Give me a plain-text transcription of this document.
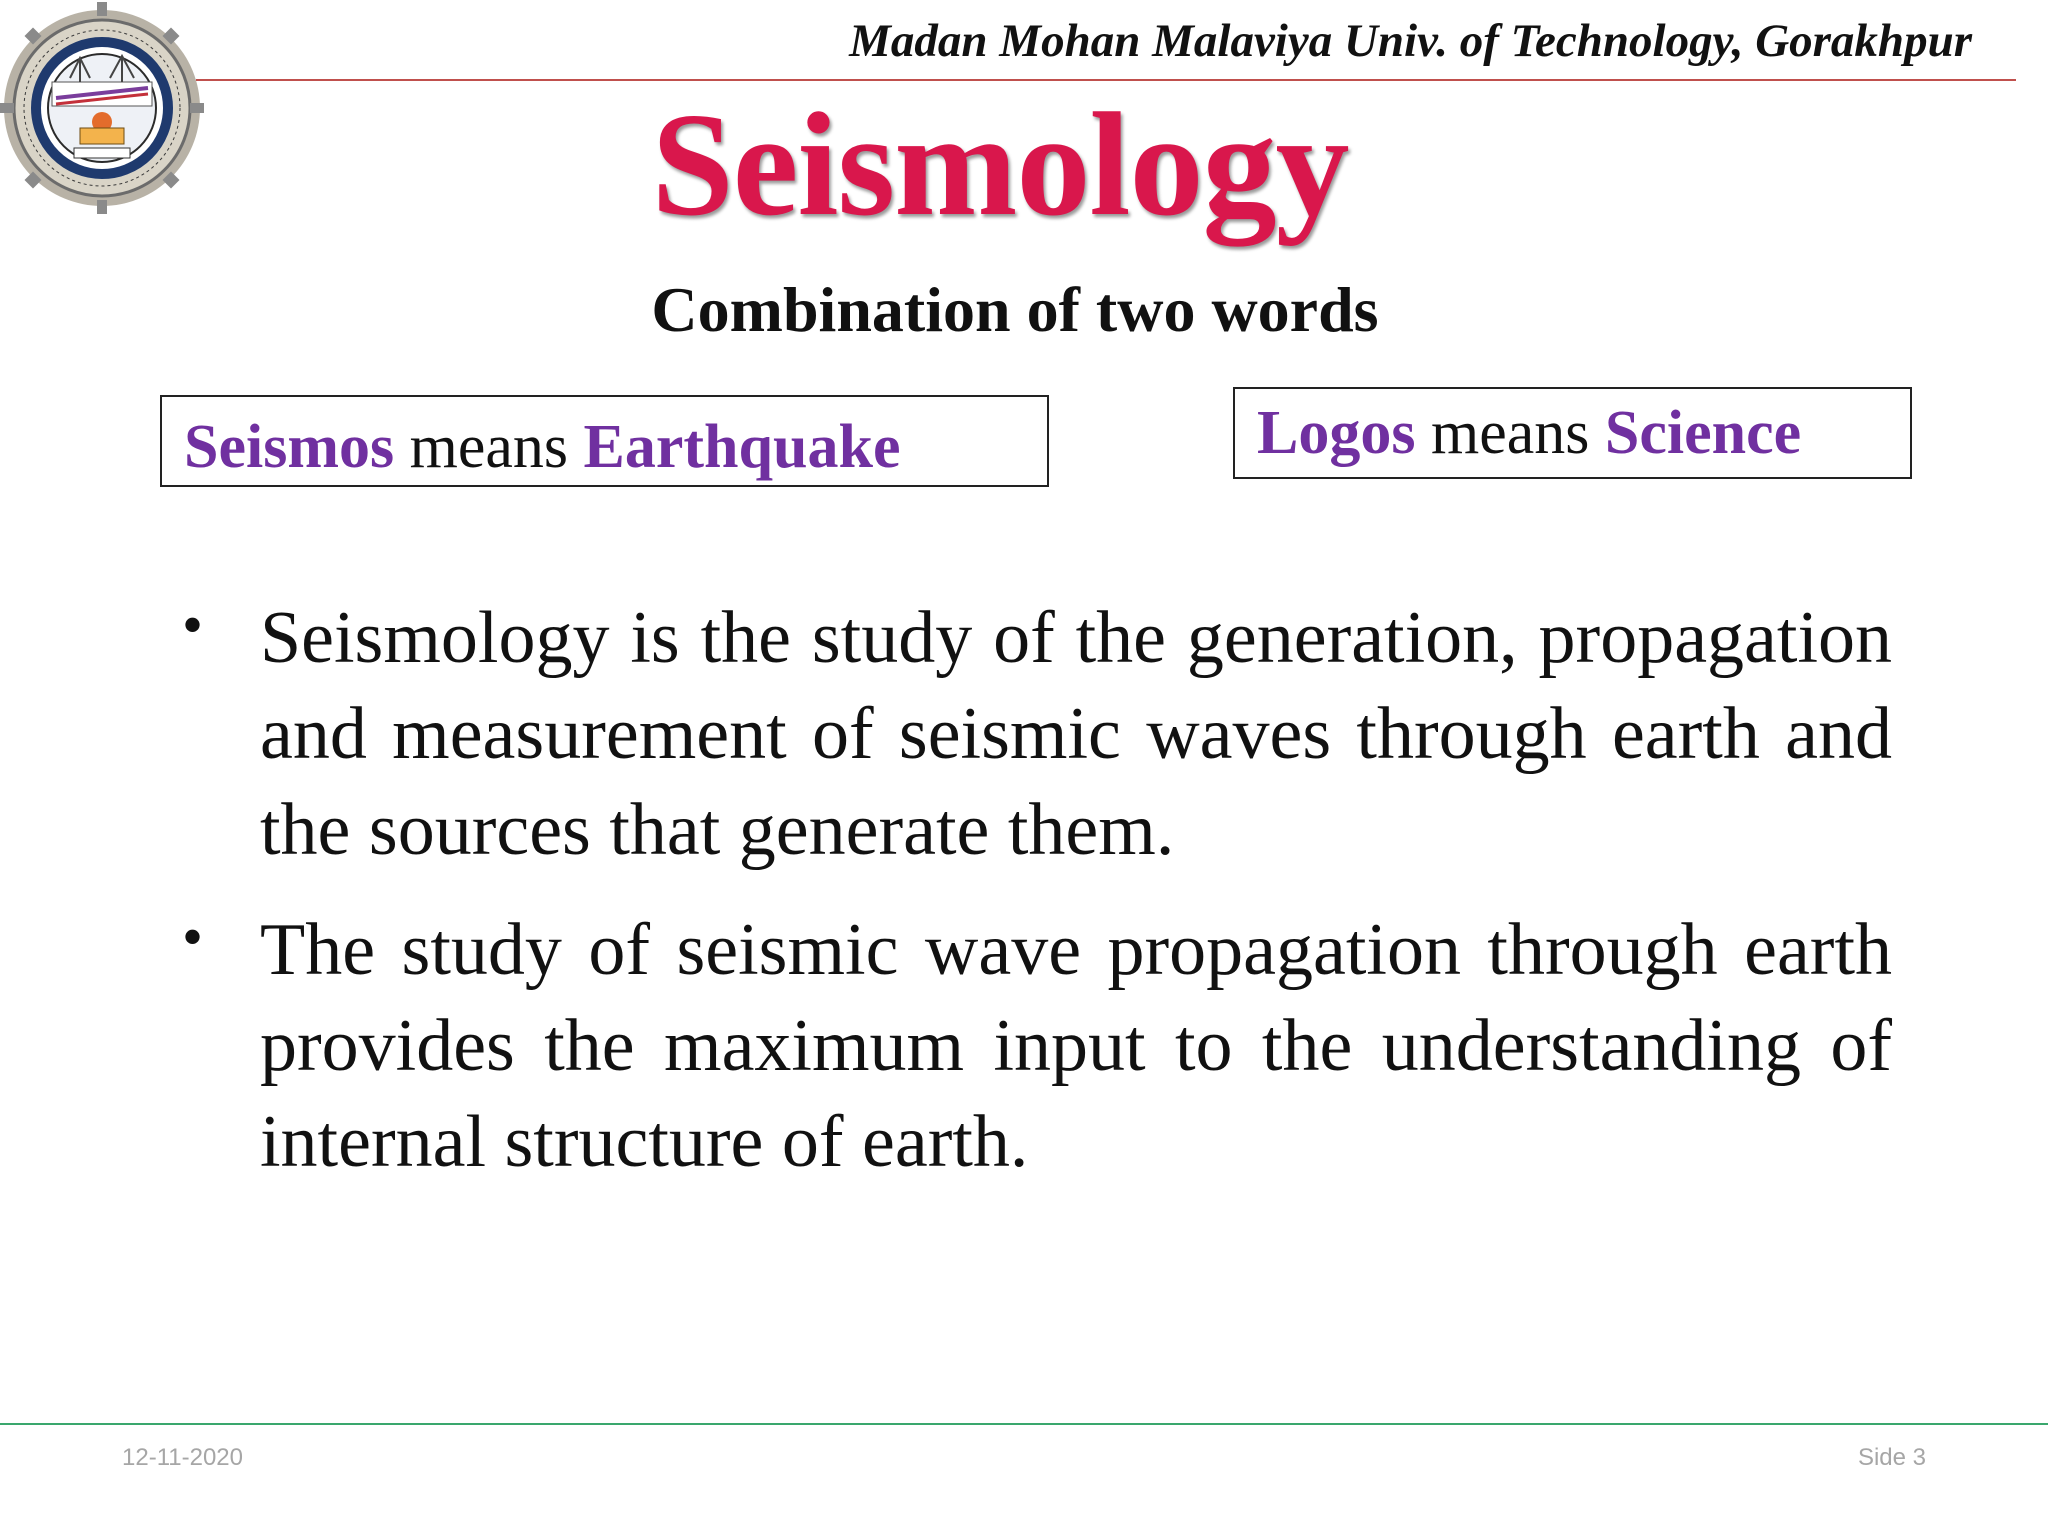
Madan Mohan Malaviya Univ. of Technology, Gorakhpur
Seismology
Combination of two words
Seismos means Earthquake	Logos means Science
• Seismology is the study of the generation, propagation and measurement of seismic waves through earth and the sources that generate them.
• The study of seismic wave propagation through earth provides the maximum input to the understanding of internal structure of earth.
12-11-2020	Side 3
